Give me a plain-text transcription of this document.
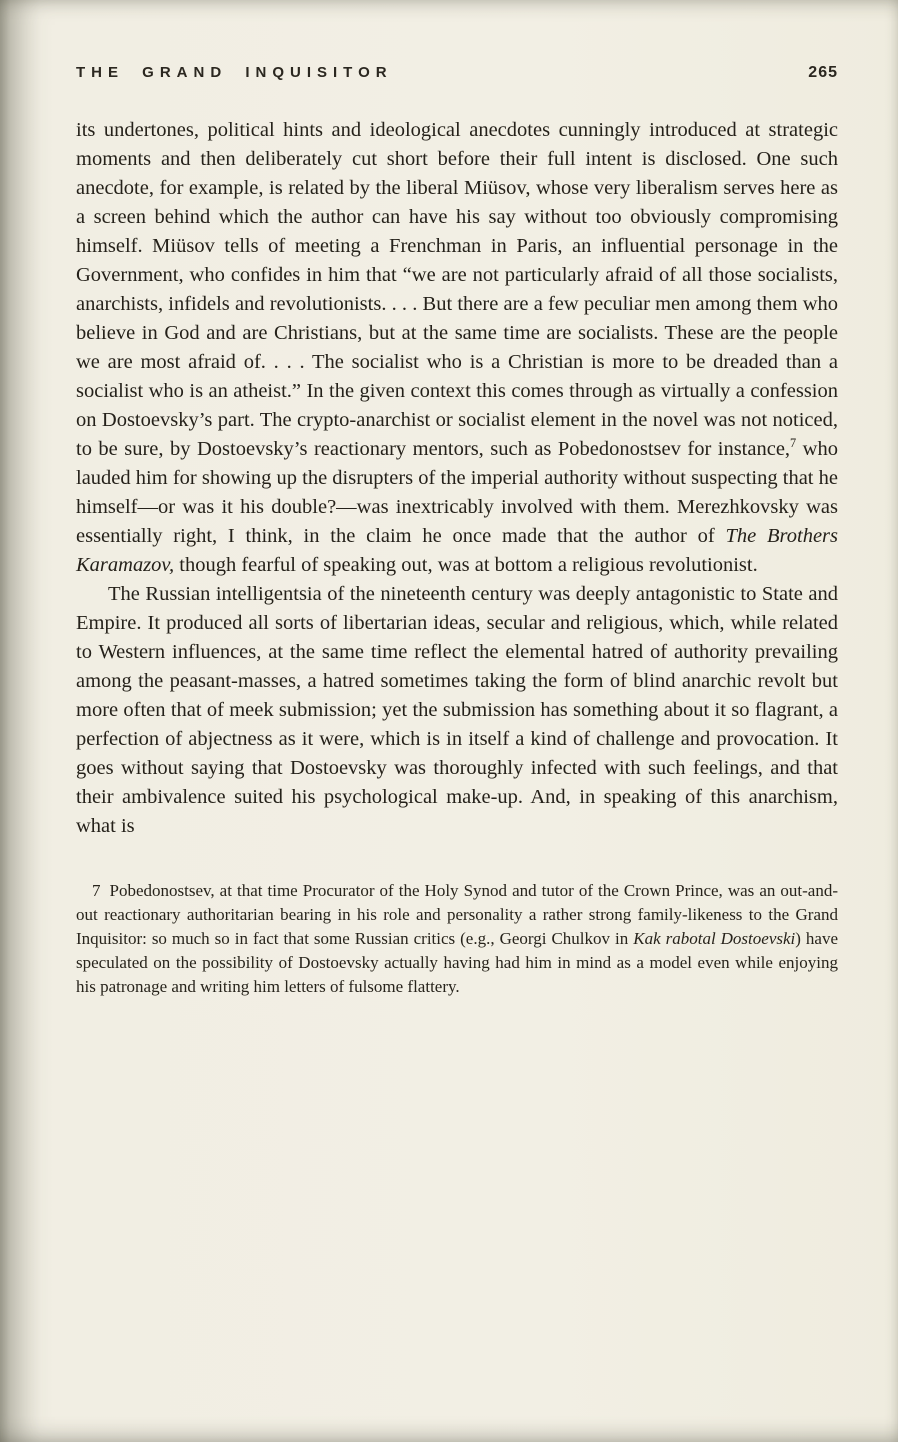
THE GRAND INQUISITOR	265

its undertones, political hints and ideological anecdotes cunningly introduced at strategic moments and then deliberately cut short before their full intent is disclosed. One such anecdote, for example, is related by the liberal Miüsov, whose very liberalism serves here as a screen behind which the author can have his say without too obviously compromising himself. Miüsov tells of meeting a Frenchman in Paris, an influential personage in the Government, who confides in him that “we are not particularly afraid of all those socialists, anarchists, infidels and revolutionists. . . . But there are a few peculiar men among them who believe in God and are Christians, but at the same time are socialists. These are the people we are most afraid of. . . . The socialist who is a Christian is more to be dreaded than a socialist who is an atheist.” In the given context this comes through as virtually a confession on Dostoevsky’s part. The crypto-anarchist or socialist element in the novel was not noticed, to be sure, by Dostoevsky’s reactionary mentors, such as Pobedonostsev for instance,$^7$ who lauded him for showing up the disrupters of the imperial authority without suspecting that he himself—or was it his double?—was inextricably involved with them. Merezhkovsky was essentially right, I think, in the claim he once made that the author of The Brothers Karamazov, though fearful of speaking out, was at bottom a religious revolutionist.

The Russian intelligentsia of the nineteenth century was deeply antagonistic to State and Empire. It produced all sorts of libertarian ideas, secular and religious, which, while related to Western influences, at the same time reflect the elemental hatred of authority prevailing among the peasant-masses, a hatred sometimes taking the form of blind anarchic revolt but more often that of meek submission; yet the submission has something about it so flagrant, a perfection of abjectness as it were, which is in itself a kind of challenge and provocation. It goes without saying that Dostoevsky was thoroughly infected with such feelings, and that their ambivalence suited his psychological make-up. And, in speaking of this anarchism, what is

7 Pobedonostsev, at that time Procurator of the Holy Synod and tutor of the Crown Prince, was an out-and-out reactionary authoritarian bearing in his role and personality a rather strong family-likeness to the Grand Inquisitor: so much so in fact that some Russian critics (e.g., Georgi Chulkov in Kak rabotal Dostoevski) have speculated on the possibility of Dostoevsky actually having had him in mind as a model even while enjoying his patronage and writing him letters of fulsome flattery.
